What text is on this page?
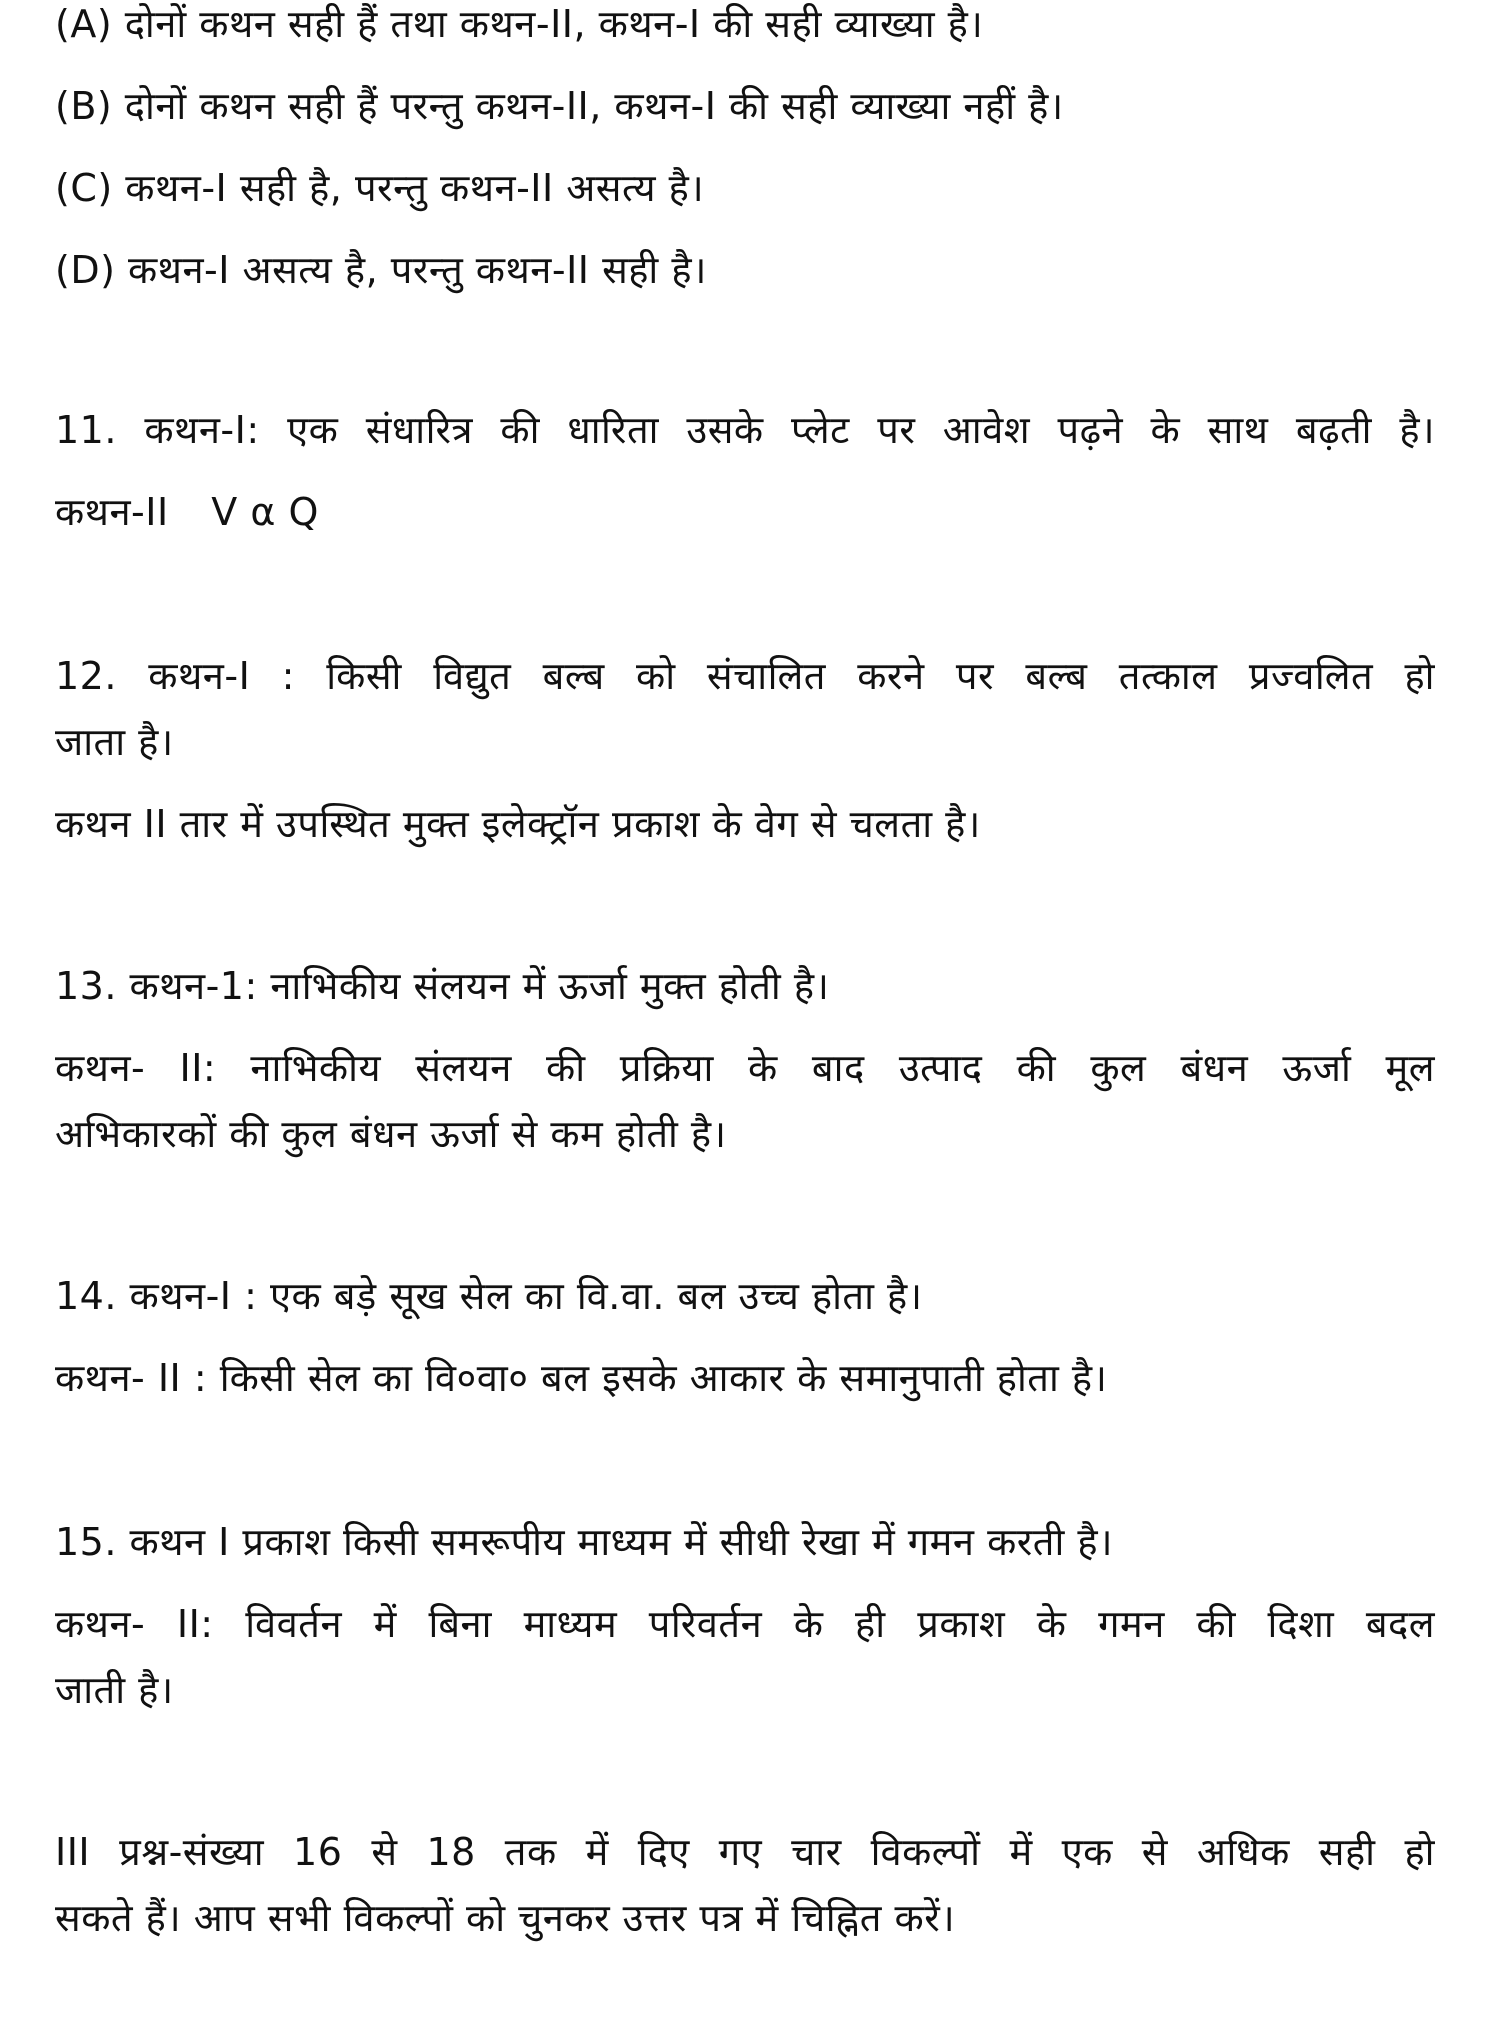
(A) दोनों कथन सही हैं तथा कथन-II, कथन-I की सही व्याख्या है।
(B) दोनों कथन सही हैं परन्तु कथन-II, कथन-I की सही व्याख्या नहीं है।
(C) कथन-I सही है, परन्तु कथन-II असत्य है।
(D) कथन-I असत्य है, परन्तु कथन-II सही है।
11. कथन-I: एक संधारित्र की धारिता उसके प्लेट पर आवेश पढ़ने के साथ बढ़ती है।
कथन-II V α Q
12. कथन-I : किसी विद्युत बल्ब को संचालित करने पर बल्ब तत्काल प्रज्वलित हो
जाता है।
कथन II तार में उपस्थित मुक्त इलेक्ट्रॉन प्रकाश के वेग से चलता है।
13. कथन-1: नाभिकीय संलयन में ऊर्जा मुक्त होती है।
कथन- II: नाभिकीय संलयन की प्रक्रिया के बाद उत्पाद की कुल बंधन ऊर्जा मूल
अभिकारकों की कुल बंधन ऊर्जा से कम होती है।
14. कथन-I : एक बड़े सूख सेल का वि.वा. बल उच्च होता है।
कथन- II : किसी सेल का वि०वा० बल इसके आकार के समानुपाती होता है।
15. कथन I प्रकाश किसी समरूपीय माध्यम में सीधी रेखा में गमन करती है।
कथन- II: विवर्तन में बिना माध्यम परिवर्तन के ही प्रकाश के गमन की दिशा बदल
जाती है।
III प्रश्न-संख्या 16 से 18 तक में दिए गए चार विकल्पों में एक से अधिक सही हो
सकते हैं। आप सभी विकल्पों को चुनकर उत्तर पत्र में चिह्नित करें।
